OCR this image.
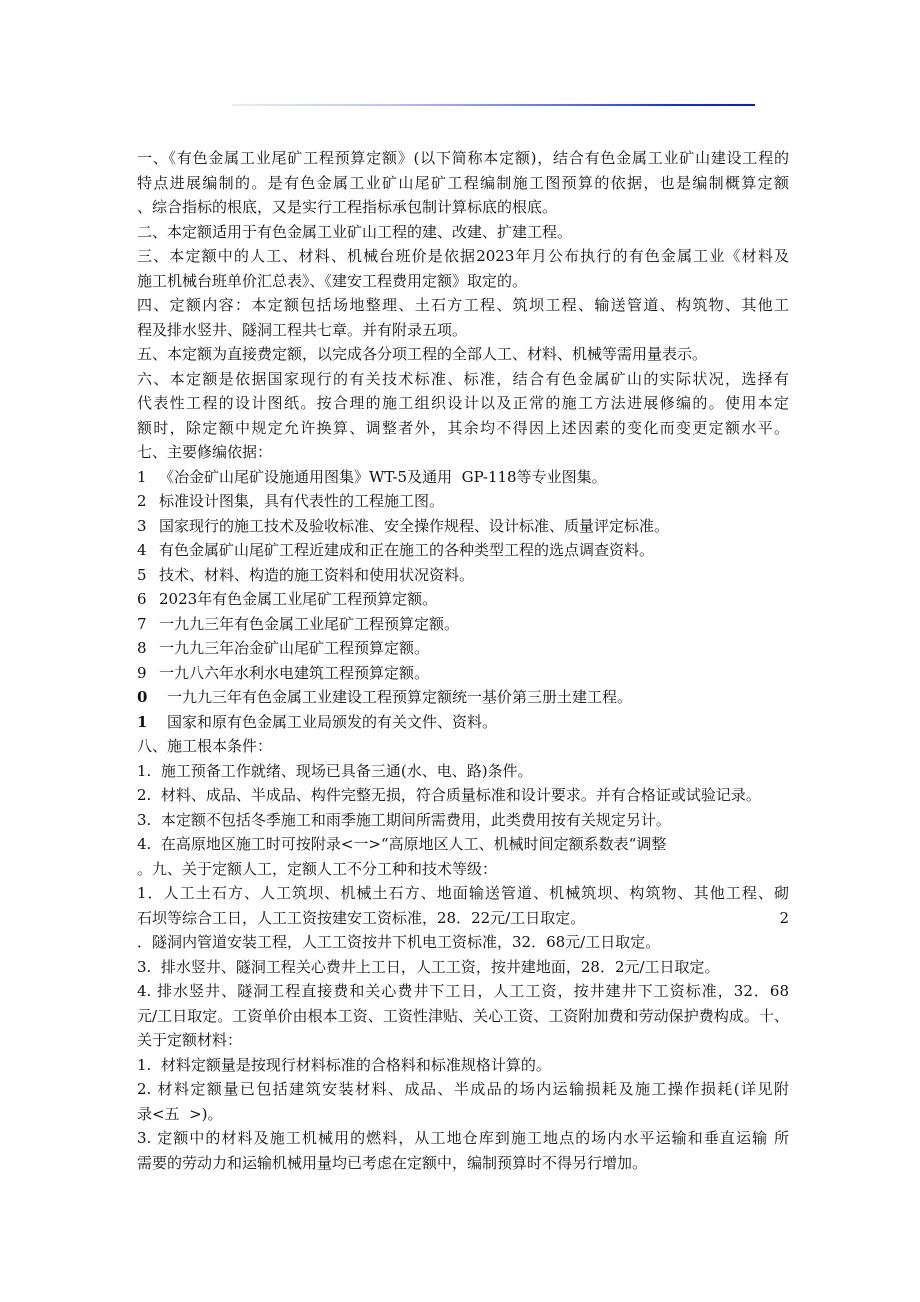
一、《有色金属工业尾矿工程预算定额》(以下简称本定额)，结合有色金属工业矿山建设工程的
特点进展编制的。是有色金属工业矿山尾矿工程编制施工图预算的依据，也是编制概算定额
、综合指标的根底，又是实行工程指标承包制计算标底的根底。
二、本定额适用于有色金属工业矿山工程的建、改建、扩建工程。
三、本定额中的人工、材料、机械台班价是依据2023年月公布执行的有色金属工业《材料及
施工机械台班单价汇总表》、《建安工程费用定额》取定的。
四、定额内容：本定额包括场地整理、土石方工程、筑坝工程、输送管道、构筑物、其他工
程及排水竖井、隧洞工程共七章。并有附录五项。
五、本定额为直接费定额，以完成各分项工程的全部人工、材料、机械等需用量表示。
六、本定额是依据国家现行的有关技术标准、标准，结合有色金属矿山的实际状况，选择有
代表性工程的设计图纸。按合理的施工组织设计以及正常的施工方法进展修编的。使用本定
额时，除定额中规定允许换算、调整者外，其余均不得因上述因素的变化而变更定额水平。
七、主要修编依据：
1 《冶金矿山尾矿设施通用图集》WT-5及通用  GP-118等专业图集。
2 标准设计图集，具有代表性的工程施工图。
3 国家现行的施工技术及验收标准、安全操作规程、设计标准、质量评定标准。
4 有色金属矿山尾矿工程近建成和正在施工的各种类型工程的选点调查资料。
5 技术、材料、构造的施工资料和使用状况资料。
6 2023年有色金属工业尾矿工程预算定额。
7 一九九三年有色金属工业尾矿工程预算定额。
8 一九九三年冶金矿山尾矿工程预算定额。
9 一九八六年水利水电建筑工程预算定额。
0 一九九三年有色金属工业建设工程预算定额统一基价第三册土建工程。
1 国家和原有色金属工业局颁发的有关文件、资料。
八、施工根本条件：
1.  施工预备工作就绪、现场已具备三通(水、电、路)条件。
2.  材料、成品、半成品、构件完整无损，符合质量标准和设计要求。并有合格证或试验记录。
3.  本定额不包括冬季施工和雨季施工期间所需费用，此类费用按有关规定另计。
4.  在高原地区施工时可按附录<一>“高原地区人工、机械时间定额系数表“调整
。九、关于定额人工，定额人工不分工种和技术等级：
1．人工土石方、人工筑坝、机械土石方、地面输送管道、机械筑坝、构筑物、其他工程、砌
石坝等综合工日，人工工资按建安工资标准，28．22元/工日取定。	2
．隧洞内管道安装工程，人工工资按井下机电工资标准，32．68元/工日取定。
3.  排水竖井、隧洞工程关心费井上工日，人工工资，按井建地面，28．2元/工日取定。
4. 排水竖井、隧洞工程直接费和关心费井下工日，人工工资，按井建井下工资标准，32．68
元/工日取定。工资单价由根本工资、工资性津贴、关心工资、工资附加费和劳动保护费构成。十、
关于定额材料：
1.  材料定额量是按现行材料标准的合格料和标准规格计算的。
2. 材料定额量已包括建筑安装材料、成品、半成品的场内运输损耗及施工操作损耗(详见附
录<五  >)。
3. 定额中的材料及施工机械用的燃料，从工地仓库到施工地点的场内水平运输和垂直运输 所
需要的劳动力和运输机械用量均已考虑在定额中，编制预算时不得另行增加。
